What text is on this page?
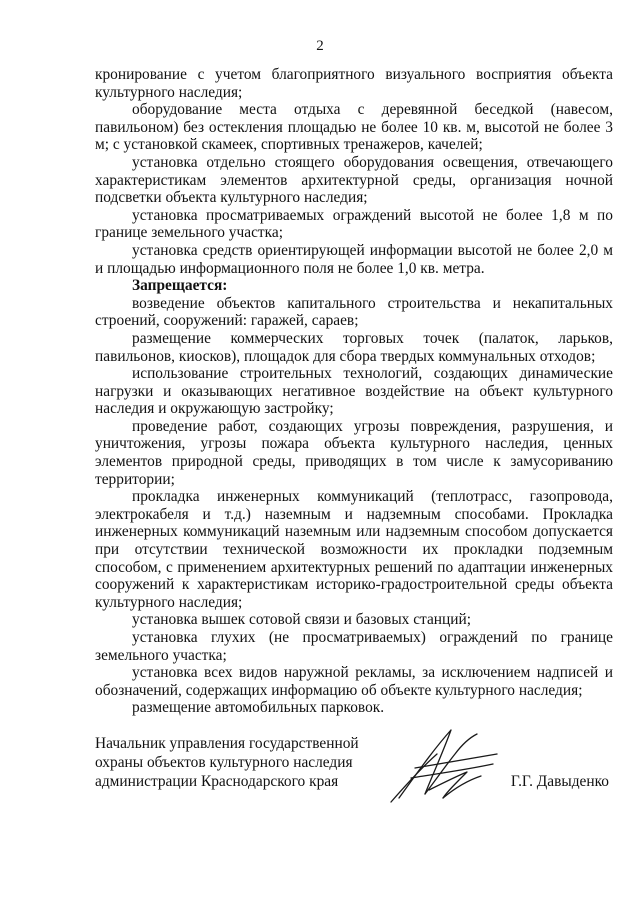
2

кронирование с учетом благоприятного визуального восприятия объекта культурного наследия;

оборудование места отдыха с деревянной беседкой (навесом, павильоном) без остекления площадью не более 10 кв. м, высотой не более 3 м; с установкой скамеек, спортивных тренажеров, качелей;

установка отдельно стоящего оборудования освещения, отвечающего характеристикам элементов архитектурной среды, организация ночной подсветки объекта культурного наследия;

установка просматриваемых ограждений высотой не более 1,8 м по границе земельного участка;

установка средств ориентирующей информации высотой не более 2,0 м и площадью информационного поля не более 1,0 кв. метра.

Запрещается:

возведение объектов капитального строительства и некапитальных строений, сооружений: гаражей, сараев;

размещение коммерческих торговых точек (палаток, ларьков, павильонов, киосков), площадок для сбора твердых коммунальных отходов;

использование строительных технологий, создающих динамические нагрузки и оказывающих негативное воздействие на объект культурного наследия и окружающую застройку;

проведение работ, создающих угрозы повреждения, разрушения, и уничтожения, угрозы пожара объекта культурного наследия, ценных элементов природной среды, приводящих в том числе к замусориванию территории;

прокладка инженерных коммуникаций (теплотрасс, газопровода, электрокабеля и т.д.) наземным и надземным способами. Прокладка инженерных коммуникаций наземным или надземным способом допускается при отсутствии технической возможности их прокладки подземным способом, с применением архитектурных решений по адаптации инженерных сооружений к характеристикам историко-градостроительной среды объекта культурного наследия;

установка вышек сотовой связи и базовых станций;

установка глухих (не просматриваемых) ограждений по границе земельного участка;

установка всех видов наружной рекламы, за исключением надписей и обозначений, содержащих информацию об объекте культурного наследия;

размещение автомобильных парковок.

Начальник управления государственной
охраны объектов культурного наследия
администрации Краснодарского края	Г.Г. Давыденко
